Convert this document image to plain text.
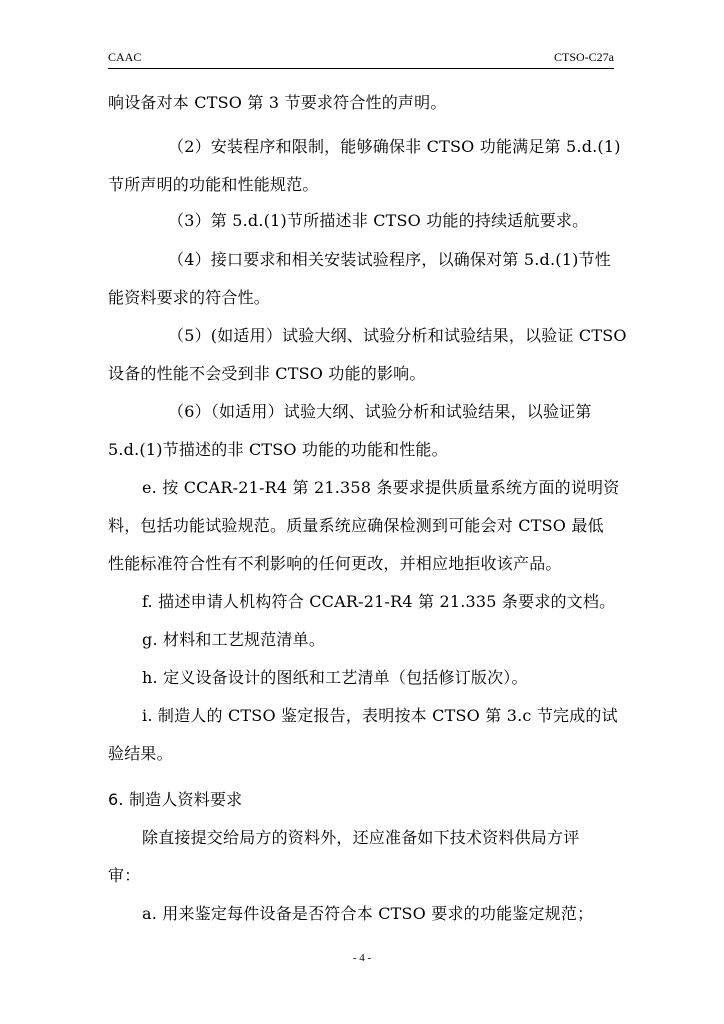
CAAC	CTSO-C27a
响设备对本 CTSO 第 3 节要求符合性的声明。
（2）安装程序和限制，能够确保非 CTSO 功能满足第 5.d.(1)
节所声明的功能和性能规范。
（3）第 5.d.(1)节所描述非 CTSO 功能的持续适航要求。
（4）接口要求和相关安装试验程序，以确保对第 5.d.(1)节性
能资料要求的符合性。
（5）(如适用）试验大纲、试验分析和试验结果，以验证 CTSO
设备的性能不会受到非 CTSO 功能的影响。
（6）（如适用）试验大纲、试验分析和试验结果，以验证第
5.d.(1)节描述的非 CTSO 功能的功能和性能。
e. 按 CCAR-21-R4 第 21.358 条要求提供质量系统方面的说明资
料，包括功能试验规范。质量系统应确保检测到可能会对 CTSO 最低
性能标准符合性有不利影响的任何更改，并相应地拒收该产品。
f. 描述申请人机构符合 CCAR-21-R4 第 21.335 条要求的文档。
g. 材料和工艺规范清单。
h. 定义设备设计的图纸和工艺清单（包括修订版次）。
i. 制造人的 CTSO 鉴定报告，表明按本 CTSO 第 3.c 节完成的试
验结果。
6. 制造人资料要求
除直接提交给局方的资料外，还应准备如下技术资料供局方评
审：
a. 用来鉴定每件设备是否符合本 CTSO 要求的功能鉴定规范；
- 4 -
